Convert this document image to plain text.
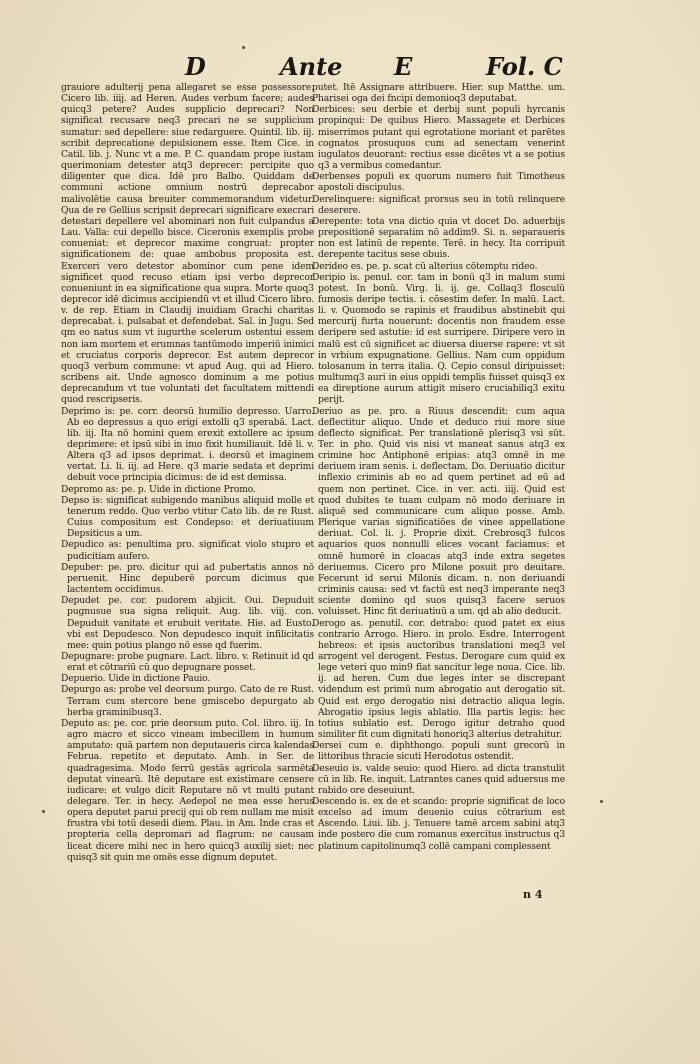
D	Ante E	Fol. C

grauiore adulterij pena allegaret se esse possessore. Cicero lib. iiij. ad Heren. Audes verbum facere; audes quicq3 petere? Audes supplicio deprecari? Non significat recusare neq3 precari ne se supplicium sumatur: sed depellere: siue redarguere. Quintil. lib. iij. scribit deprecatione depulsionem esse. Item Cice. in Catil. lib. j. Nunc vt a me. P. C. quandam prope iustam querimoniam detester atq3 deprecer: percipite quo diligenter que dica. Idē pro Balbo. Quiddam de communi actione omnium nostrū deprecabor malivolētie causa breuiter commemorandum videtur. Qua de re Gellius scripsit deprecari significare execrari detestari depellere vel abominari non fuit culpandus a Lau. Valla: cui depello bisce. Ciceronis exemplis probe conueniat: et deprecor maxime congruat: propter significationem de: quae ambobus proposita est. Exerceri vero detestor abominor cum pene idem significet quod recuso etiam ipsi verbo deprecor conueniunt in ea significatione qua supra. Morte quoq3 deprecor idē dicimus accipiendū vt et illud Cicero libro. v. de rep. Etiam in Claudij inuidiam Grachi charitas deprecabat. i. pulsabat et defendebat. Sal. in Jugu. Sed qm eo natus sum vt iugurthe scelerum ostentui essem non iam mortem et erumnas tantūmodo imperiū inimici et cruciatus corporis deprecor. Est autem deprecor quoq3 verbum commune: vt apud Aug. qui ad Hiero. scribens ait. Unde agnosco dominum a me potius deprecandum vt tue voluntati det facultatem mittendi quod rescripseris.

Deprimo is: pe. corr. deorsū humilio depresso. Uarro. Ab eo depressus a quo erigi extolli q3 sperabā. Lact. lib. iij. Ita nō homini quem erexit extollere ac ipsum deprimere: et ipsū sibi in imo fixit humiliauit. Idē li. v. Altera q3 ad ipsos deprimat. i. deorsū et imaginem vertat. Li. li. iij. ad Here. q3 marie sedata et deprimi debuit voce principia dicimus: de id est demissa.

Depromo as: pe. p. Uide in dictione Promo.

Depso is: significat subigendo manibus aliquid molle et tenerum reddo. Quo verbo vtitur Cato lib. de re Rust. Cuius compositum est Condepso: et deriuatiuum Depsiticus a um.

Depudico as: penultima pro. significat violo stupro et pudicitiam aufero.

Depuber: pe. pro. dicitur qui ad pubertatis annos nō peruenit. Hinc depuberē porcum dicimus que lactentem occidimus.

Depudet pe. cor. pudorem abjicit. Oui. Depuduit pugnusue sua signa reliquit. Aug. lib. viij. con. Depuduit vanitate et erubuit veritate. Hie. ad Eusto. vbi est Depudesco. Non depudesco inquit infilicitatis mee: quin potius plango nō esse qd fuerim.

Depugnare: probe pugnare. Lact. libro. v. Retinuit id qd erat et cōtrariū cū quo depugnare posset.

Depuerio. Uide in dictione Pauio.

Depurgo as: probe vel deorsum purgo. Cato de re Rust. Terram cum stercore bene gmiscebo depurgato ab herba graminibusq3.

Deputo as: pe. cor. prie deorsum puto. Col. libro. iij. In agro macro et sicco vineam imbecillem in humum amputato: quā partem non deputaueris circa kalendas Februa. repetito et deputato. Amb. in Ser. de quadragesima. Modo ferrū gestās agricola sarmēta deputat vinearū. Itē deputare est existimare censere iudicare: et vulgo dicit Reputare nō vt multi putant delegare. Ter. in hecy. Aedepol ne mea esse herus opera deputet parui precij qui ob rem nullam me misit frustra vbi totū desedi diem. Plau. in Am. Inde cras et propteria cella depromari ad flagrum: ne causam liceat dicere mihi nec in hero quicq3 auxilij siet: nec quisq3 sit quin me omēs esse dignum deputet.

putet. Itē Assignare attribuere. Hier. sup Matthe. um. Pharisei oga dei fncipi demonioq3 deputabat.

Derbices: seu derbie et derbij sunt populi hyrcanis propinqui: De quibus Hiero. Massagete et Derbices miserrimos putant qui egrotatione moriant et parētes cognatos prosuquos cum ad senectam venerint iugulatos deuorant: rectius esse dicētes vt a se potius q3 a vermibus comedantur.

Derbenses populi ex quorum numero fuit Timotheus apostoli discipulus.

Derelinquere: significat prorsus seu in totū relinquere deserere.

Derepente: tota vna dictio quia vt docet Do. aduerbijs prepositionē separatim nō addim9. Si. n. separaueris non est latinū de repente. Terē. in hecy. Ita corripuit derepente tacitus sese obuis.

Derideo es. pe. p. scat cū alterius cōtemptu rideo.

Deripio is. penul. cor. tam in bonū q3 in malum sumi potest. In bonū. Virg. li. ij. ge. Collaq3 flosculū fumosis deripe tectis. i. cōsestim defer. In malū. Lact. li. v. Quomodo se rapinis et fraudibus abstinebit qui mercurij furta nouerunt: docentis non fraudem esse deripere sed astutie: id est surripere. Diripere vero in malū est cū significet ac diuersa diuerse rapere: vt sit in vrbium expugnatione. Gellius. Nam cum oppidum tolosanum in terra italia. Q. Cepio consul diripuisset: multumq3 auri in eius oppidi templis fuisset quisq3 ex ea direptione aurum attigit misero cruciabiliq3 exitu perijt.

Deriuo as pe. pro. a Riuus descendit: cum aqua deflectitur aliquo. Unde et deduco riui more siue deflecto significat. Per translationē plerisq3 vsi sūt. Ter. in pho. Quid vis nisi vt maneat sanus atq3 ex crimine hoc Antiphonē eripias: atq3 omnē in me deriuem iram senis. i. deflectam. Do. Deriuatio dicitur inflexio criminis ab eo ad quem pertinet ad eū ad quem non pertinet. Cice. in ver. acti. iiij. Quid est quod dubites te tuam culpam nō modo deriuare in aliquē sed communicare cum aliquo posse. Amb. Plerique varias significatiōes de vinee appellatione deriuat. Col. li. j. Proprie dixit. Crebrosq3 fulcos aquarios quos nonnulli elices vocant faciamus: et omnē humorē in cloacas atq3 inde extra segetes deriuemus. Cicero pro Milone posuit pro deuitare. Fecerunt id serui Milonis dicam. n. non deriuandi criminis causa: sed vt factū est neq3 imperante neq3 sciente domino qd suos quisq3 facere seruos voluisset. Hinc fit deriuatiuū a um. qd ab alio deducit.

Derogo as. penutil. cor. detrabo: quod patet ex eius contrario Arrogo. Hiero. in prolo. Esdre. Interrogent hebreos: et ipsis auctoribus translationi meq3 vel arrogent vel derogent. Festus. Derogare cum quid ex lege veteri quo min9 fiat sancitur lege noua. Cice. lib. ij. ad heren. Cum due leges inter se discrepant videndum est primū num abrogatio aut derogatio sit. Quid est ergo derogatio nisi detractio aliqua legis. Abrogatio ipsius legis ablatio. Illa partis legis: hec totius sublatio est. Derogo igitur detraho quod similiter fit cum dignitati honoriq3 alterius detrahitur.

Dersei cum e. diphthongo. populi sunt grecorū in littoribus thracie sicuti Herodotus ostendit.

Deseuio is. valde seuio: quod Hiero. ad dicta transtulit cū in lib. Re. inquit. Latrantes canes quid aduersus me rabido ore deseuiunt.

Descendo is. ex de et scando: proprie significat de loco excelso ad imum deuenio cuius cōtrarium est Ascendo. Liui. lib. j. Tenuere tamē arcem sabini atq3 inde postero die cum romanus exercitus instructus q3 platinum capitolinumq3 collē campani complessent

n 4
